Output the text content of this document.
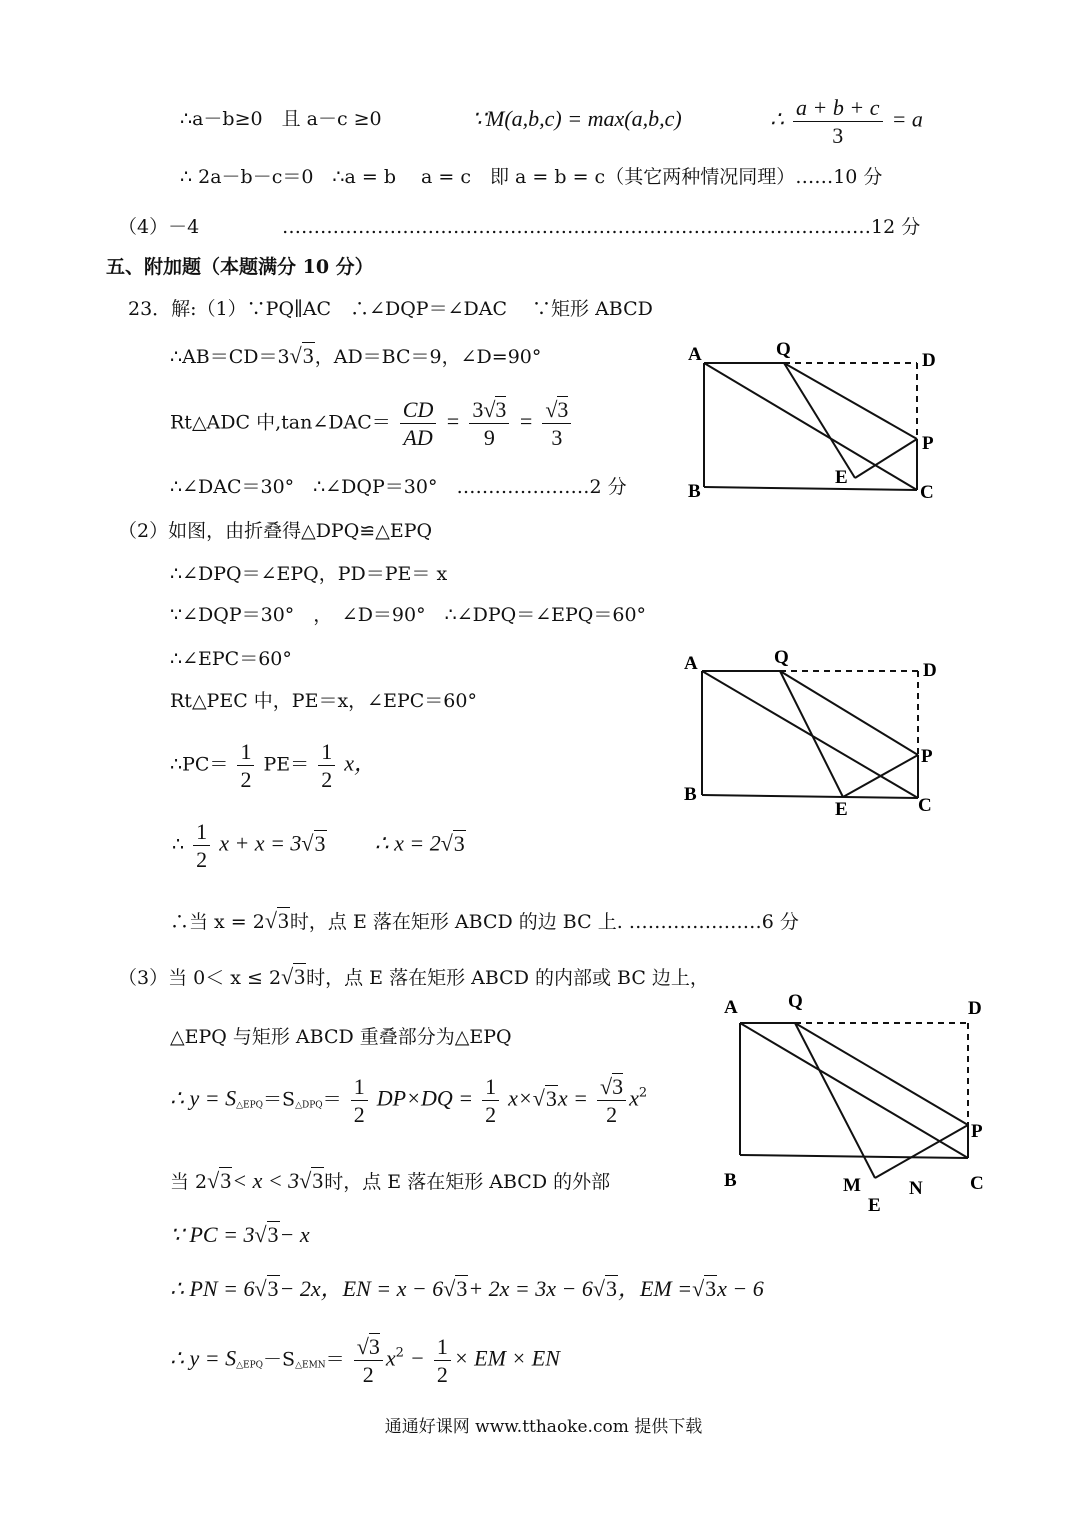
∴a－b≥0　且 a－c ≥0	∵M(a,b,c) = max(a,b,c)	∴ $\frac{a + b + c}{3} = a$
∴ 2a－b－c＝0　∴a = b　 a = c　即 a = b = c（其它两种情况同理）……10 分
（4）－4	…………………………………………………………………………………12 分
五、附加题（本题满分 10 分）
23．解:（1）∵PQ∥AC　∴∠DQP＝∠DAC　 ∵矩形 ABCD
∴AB＝CD＝3√3，AD＝BC＝9，∠D=90°
Rt△ADC 中,tan∠DAC＝ $\frac{CD}{AD} = \frac{3√3}{9} = \frac{√3}{3}$
∴∠DAC＝30°　∴∠DQP＝30°　…………………2 分
（2）如图，由折叠得△DPQ≌△EPQ
∴∠DPQ＝∠EPQ，PD＝PE＝ x
∵∠DQP＝30°　，　∠D＝90°　∴∠DPQ＝∠EPQ＝60°
∴∠EPC＝60°
Rt△PEC 中，PE＝x，∠EPC＝60°
∴PC＝ $\frac{1}{2} PE= \frac{1}{2}$ x，
∴ $\frac{1}{2}$ x + x = 3√3 ∴ x = 2√3
∴当 x = 2√3时，点 E 落在矩形 ABCD 的边 BC 上. …………………6 分
（3）当 0＜ x ≤ 2√3时，点 E 落在矩形 ABCD 的内部或 BC 边上，
△EPQ 与矩形 ABCD 重叠部分为△EPQ
∴ $y = S_{\triangle EPQ}=S_{\triangle DPQ}= \frac{1}{2} DP\times DQ = \frac{1}{2} x\times√3x = \frac{√3}{2} x^2$
当 2√3< x < 3√3时，点 E 落在矩形 ABCD 的外部
∵ PC = 3√3− x
∴ PN = 6√3− 2x，EN = x − 6√3+ 2x = 3x − 6√3，EM =√3x − 6
∴ $y = S_{\triangle EPQ}-S_{\triangle EMN}= \frac{√3}{2} x^2 - \frac{1}{2}$ × EM × EN
A	Q
D
P
B
E
C
A	Q
D
P
B
E	C
A	Q	D
P
B	M	N
E
C
通通好课网 www.tthaoke.com 提供下载
